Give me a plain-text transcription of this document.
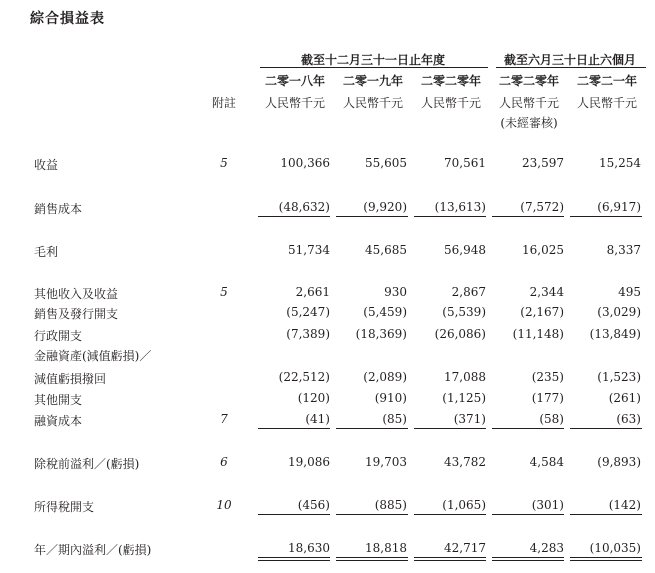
綜合損益表
截至十二月三十一日止年度	截至六月三十日止六個月
二零一八年	二零一九年	二零二零年	二零二零年	二零二一年
附註	人民幣千元	人民幣千元	人民幣千元	人民幣千元	人民幣千元
(未經審核)
收益	5	100,366	55,605	70,561	23,597	15,254
銷售成本	(48,632)	(9,920) (13,613)	(7,572)	(6,917)
毛利	51,734	45,685	56,948	16,025	8,337
其他收入及收益	5	2,661	930	2,867	2,344	495
銷售及發行開支	(5,247)	(5,459)	(5,539)	(2,167)	(3,029)
行政開支	(7,389) (18,369) (26,086) (11,148) (13,849)
金融資產(減值虧損)／
減值虧損撥回	(22,512)	(2,089)	17,088	(235)	(1,523)
其他開支	(120)	(910)	(1,125)	(177)	(261)
融資成本	7	(41)	(85)	(371)	(58)	(63)
除稅前溢利／(虧損)	6	19,086	19,703	43,782	4,584	(9,893)
所得稅開支	10	(456)	(885)	(1,065)	(301)	(142)
年／期內溢利／(虧損)	18,630	18,818	42,717	4,283 (10,035)
